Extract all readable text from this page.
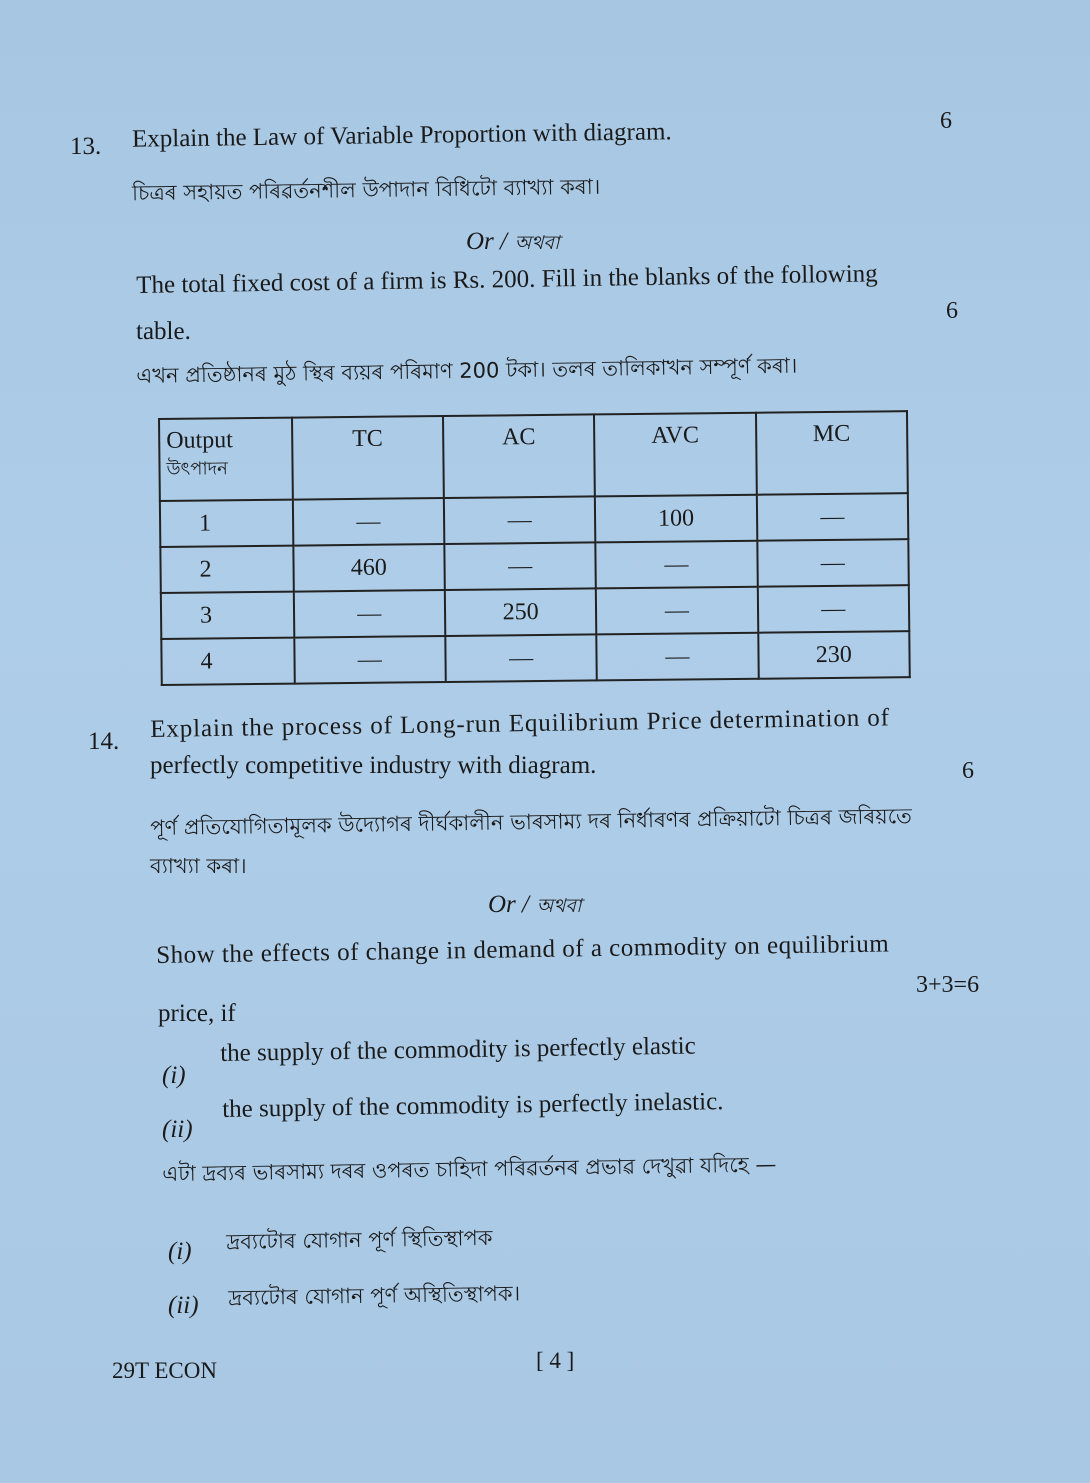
13. Explain the Law of Variable Proportion with diagram.	6
চিত্ৰৰ সহায়ত পৰিৱৰ্তনশীল উপাদান বিধিটো ব্যাখ্যা কৰা।
Or / অথবা
The total fixed cost of a firm is Rs. 200. Fill in the blanks of the following
table.
6
এখন প্ৰতিষ্ঠানৰ মুঠ স্থিৰ ব্যয়ৰ পৰিমাণ 200 টকা। তলৰ তালিকাখন সম্পূৰ্ণ কৰা।
Output
উৎপাদন	TC	AC	AVC	MC
1	—	—	100	—
2	460	—	—	—
3	—	250	—	—
4	—	—	—	230
14. Explain the process of Long-run Equilibrium Price determination of
perfectly competitive industry with diagram.	6
পূৰ্ণ প্ৰতিযোগিতামূলক উদ্যোগৰ দীৰ্ঘকালীন ভাৰসাম্য দৰ নিৰ্ধাৰণৰ প্ৰক্ৰিয়াটো চিত্ৰৰ জৰিয়তে
ব্যাখ্যা কৰা।
Or / অথবা
Show the effects of change in demand of a commodity on equilibrium
3+3=6
price, if
(i)
the supply of the commodity is perfectly elastic
(ii)
the supply of the commodity is perfectly inelastic.
এটা দ্ৰব্যৰ ভাৰসাম্য দৰৰ ওপৰত চাহিদা পৰিৱৰ্তনৰ প্ৰভাৱ দেখুৱা যদিহে —
(i) দ্ৰব্যটোৰ যোগান পূৰ্ণ স্থিতিস্থাপক
(ii) দ্ৰব্যটোৰ যোগান পূৰ্ণ অস্থিতিস্থাপক।
29T ECON	[ 4 ]
